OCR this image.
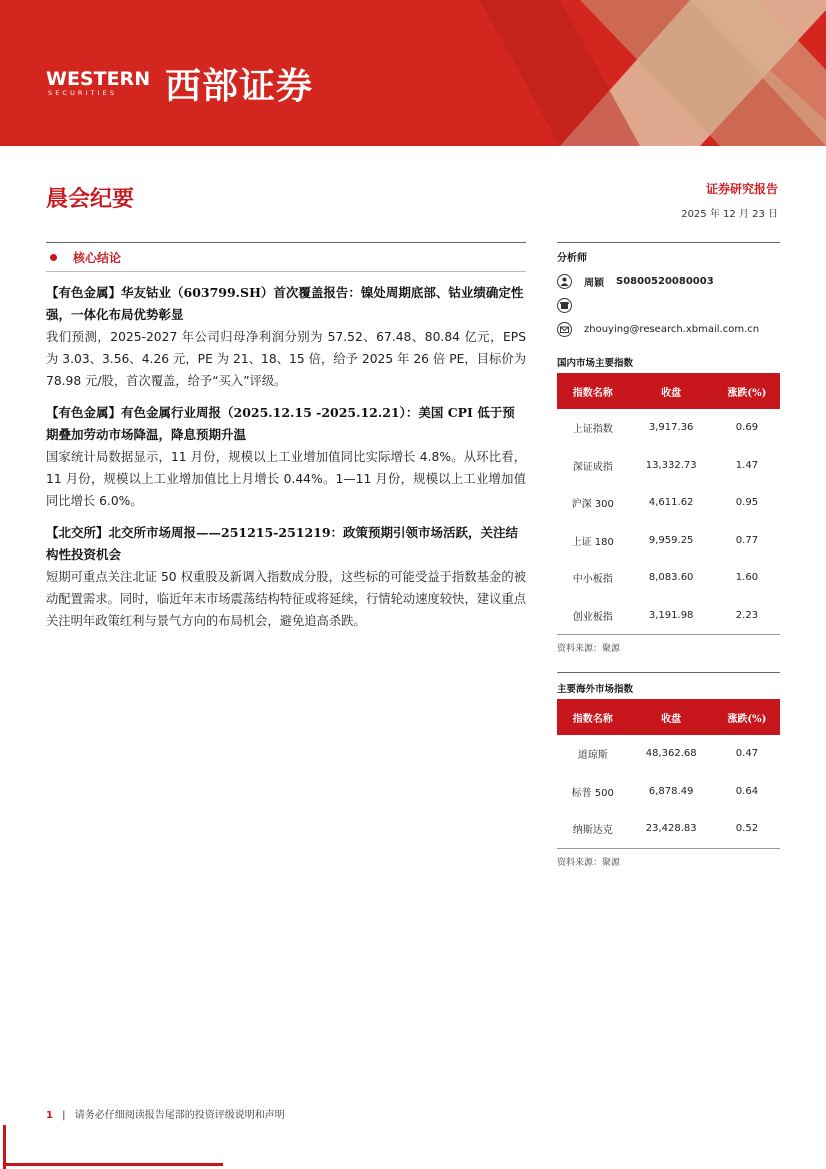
WESTERN
SECURITIES 西部证券
晨会纪要	证券研究报告
2025 年 12 月 23 日
核心结论
【有色金属】华友钴业（603799.SH）首次覆盖报告：镍处周期底部、钴业绩确定性强，一体化布局优势彰显
我们预测，2025-2027 年公司归母净利润分别为 57.52、67.48、80.84 亿元，EPS 为 3.03、3.56、4.26 元，PE 为 21、18、15 倍，给予 2025 年 26 倍 PE，目标价为 78.98 元/股，首次覆盖，给予“买入”评级。
【有色金属】有色金属行业周报（2025.12.15 -2025.12.21）：美国 CPI 低于预期叠加劳动市场降温，降息预期升温
国家统计局数据显示，11 月份，规模以上工业增加值同比实际增长 4.8%。从环比看，11 月份，规模以上工业增加值比上月增长 0.44%。1—11 月份，规模以上工业增加值同比增长 6.0%。
【北交所】北交所市场周报——251215-251219：政策预期引领市场活跃，关注结构性投资机会
短期可重点关注北证 50 权重股及新调入指数成分股，这些标的可能受益于指数基金的被动配置需求。同时，临近年末市场震荡结构特征或将延续，行情轮动速度较快，建议重点关注明年政策红利与景气方向的布局机会，避免追高杀跌。
分析师
周颖	S0800520080003
zhouying@research.xbmail.com.cn
国内市场主要指数
指数名称	收盘	涨跌(%)
上证指数	3,917.36	0.69
深证成指	13,332.73	1.47
沪深 300	4,611.62	0.95
上证 180	9,959.25	0.77
中小板指	8,083.60	1.60
创业板指	3,191.98	2.23
资料来源：聚源
主要海外市场指数
指数名称	收盘	涨跌(%)
道琼斯	48,362.68	0.47
标普 500	6,878.49	0.64
纳斯达克	23,428.83	0.52
资料来源：聚源
1 | 请务必仔细阅读报告尾部的投资评级说明和声明
